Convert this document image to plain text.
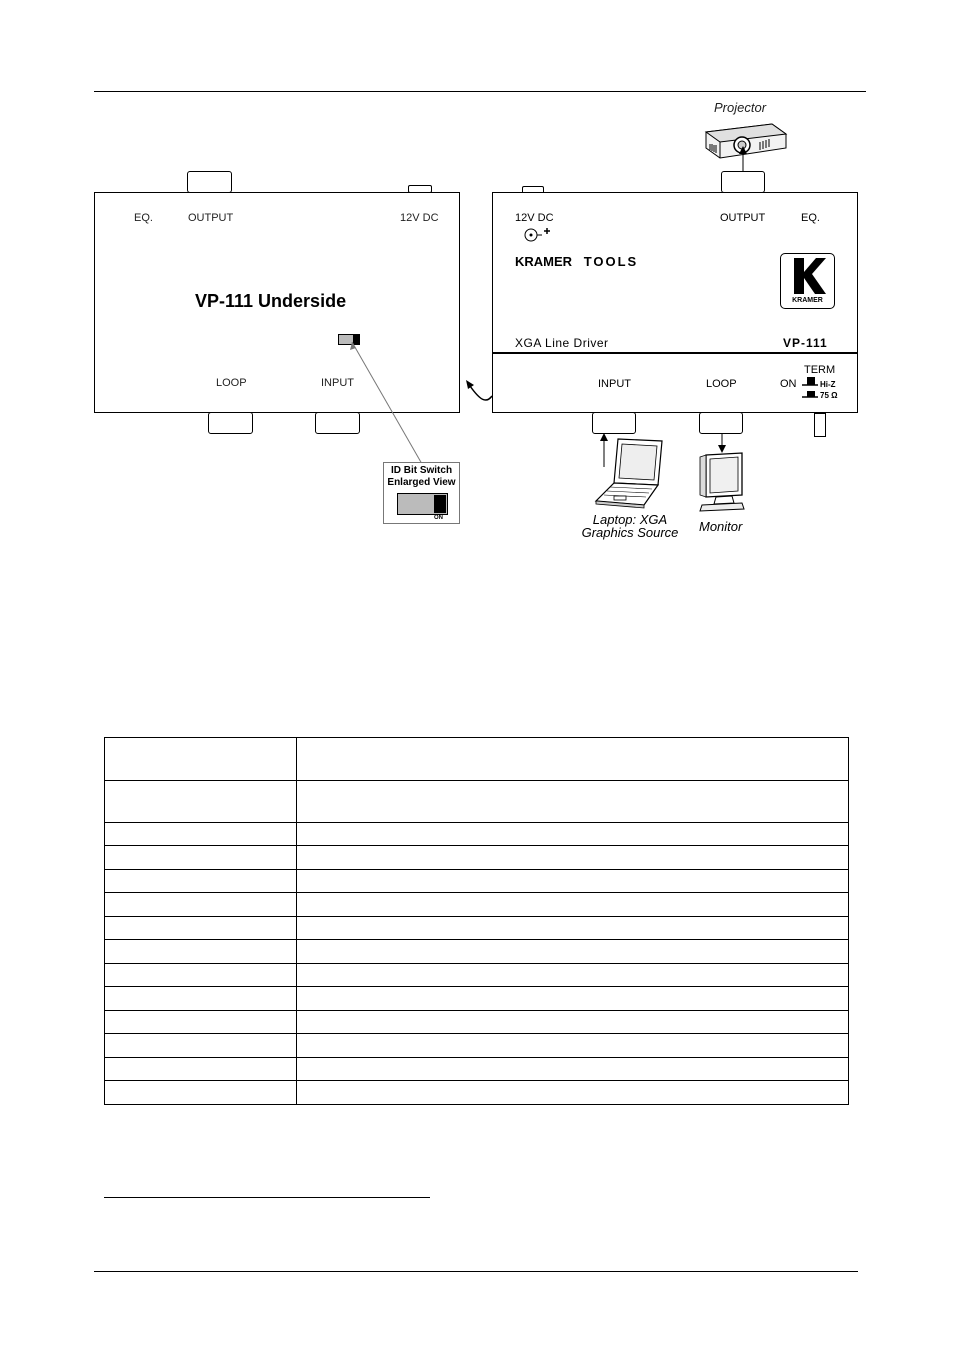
Projector
EQ.	OUTPUT	12V DC
VP-111 Underside
LOOP	INPUT
ID Bit Switch
Enlarged View
ON
12V DC	OUTPUT	EQ.
KRAMER TOOLS
KRAMER
XGA Line Driver	VP-111
INPUT	LOOP	ON
TERM
Hi-Z
75 Ω
Laptop: XGA
Graphics Source Monitor
